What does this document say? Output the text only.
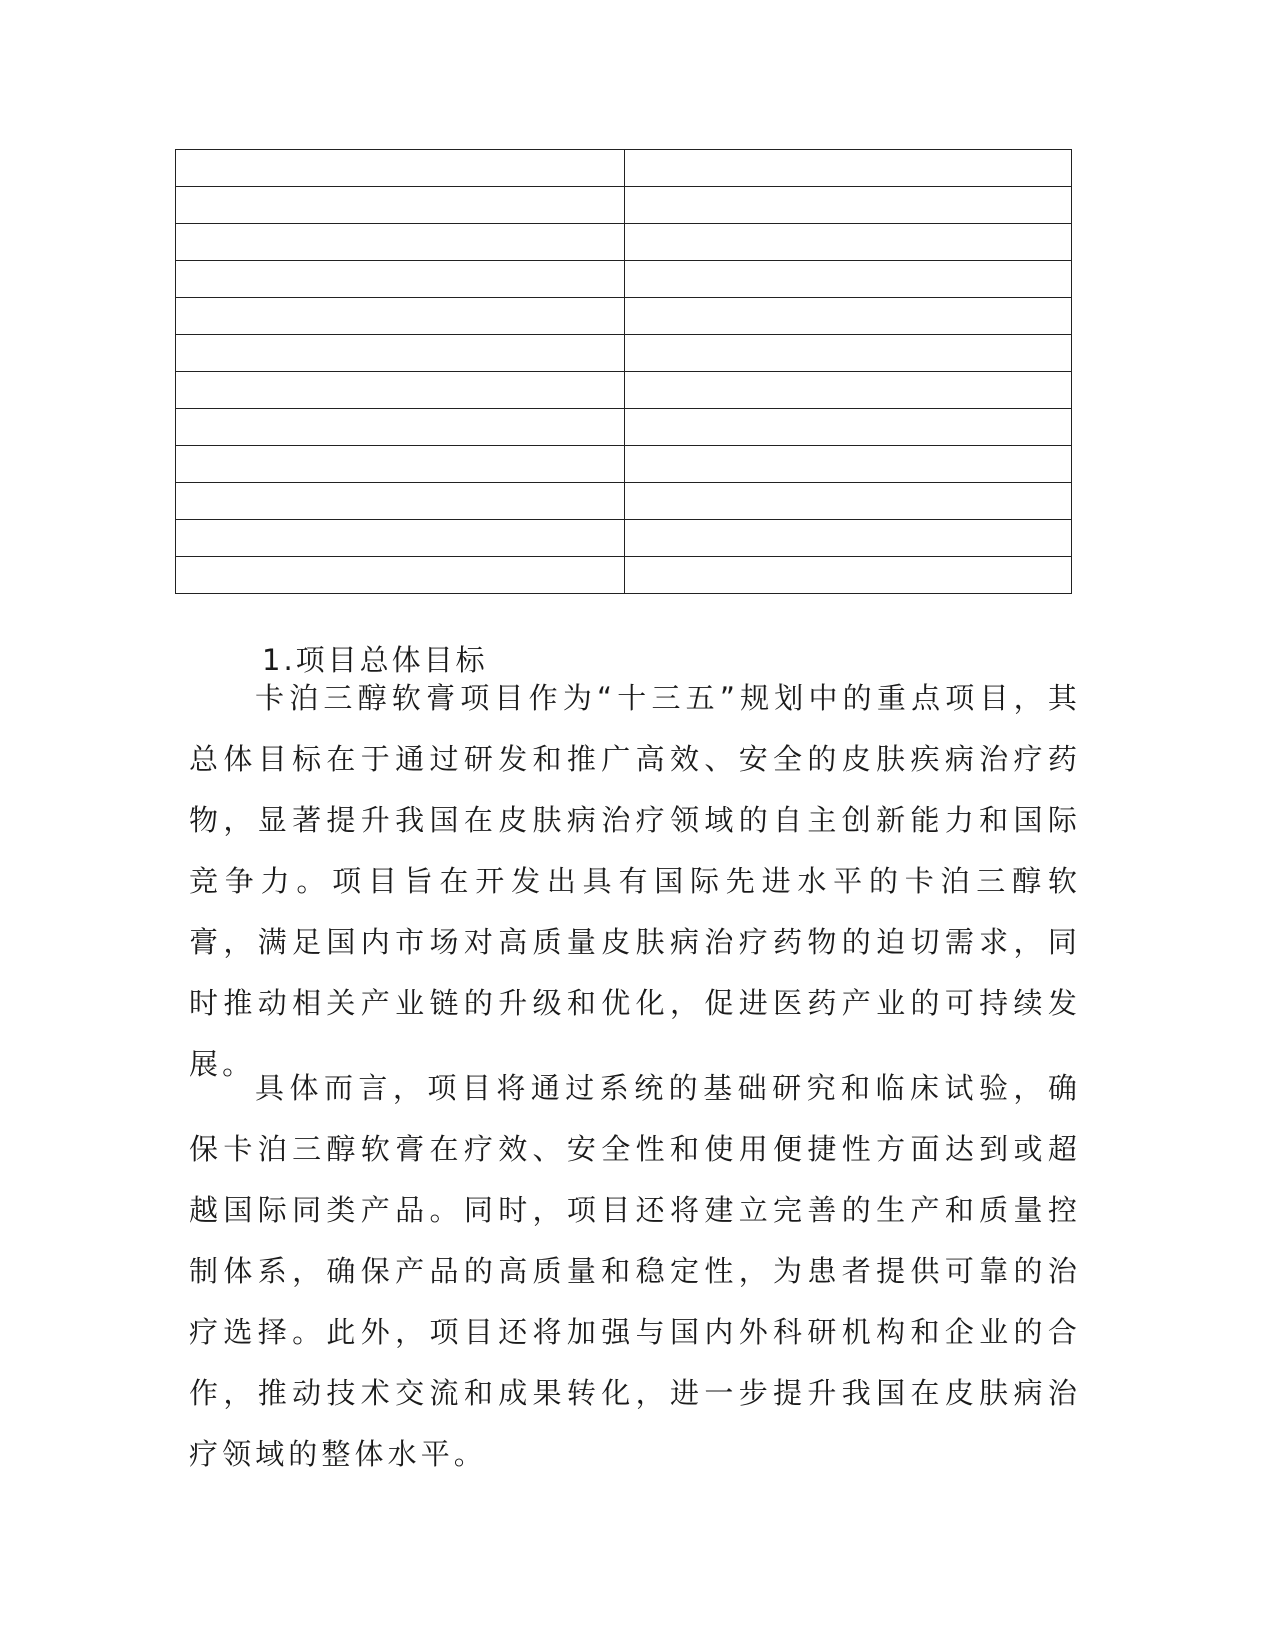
1.项目总体目标

卡泊三醇软膏项目作为“十三五”规划中的重点项目，其总体目标在于通过研发和推广高效、安全的皮肤疾病治疗药物，显著提升我国在皮肤病治疗领域的自主创新能力和国际竞争力。项目旨在开发出具有国际先进水平的卡泊三醇软膏，满足国内市场对高质量皮肤病治疗药物的迫切需求，同时推动相关产业链的升级和优化，促进医药产业的可持续发展。

具体而言，项目将通过系统的基础研究和临床试验，确保卡泊三醇软膏在疗效、安全性和使用便捷性方面达到或超越国际同类产品。同时，项目还将建立完善的生产和质量控制体系，确保产品的高质量和稳定性，为患者提供可靠的治疗选择。此外，项目还将加强与国内外科研机构和企业的合作，推动技术交流和成果转化，进一步提升我国在皮肤病治疗领域的整体水平。
